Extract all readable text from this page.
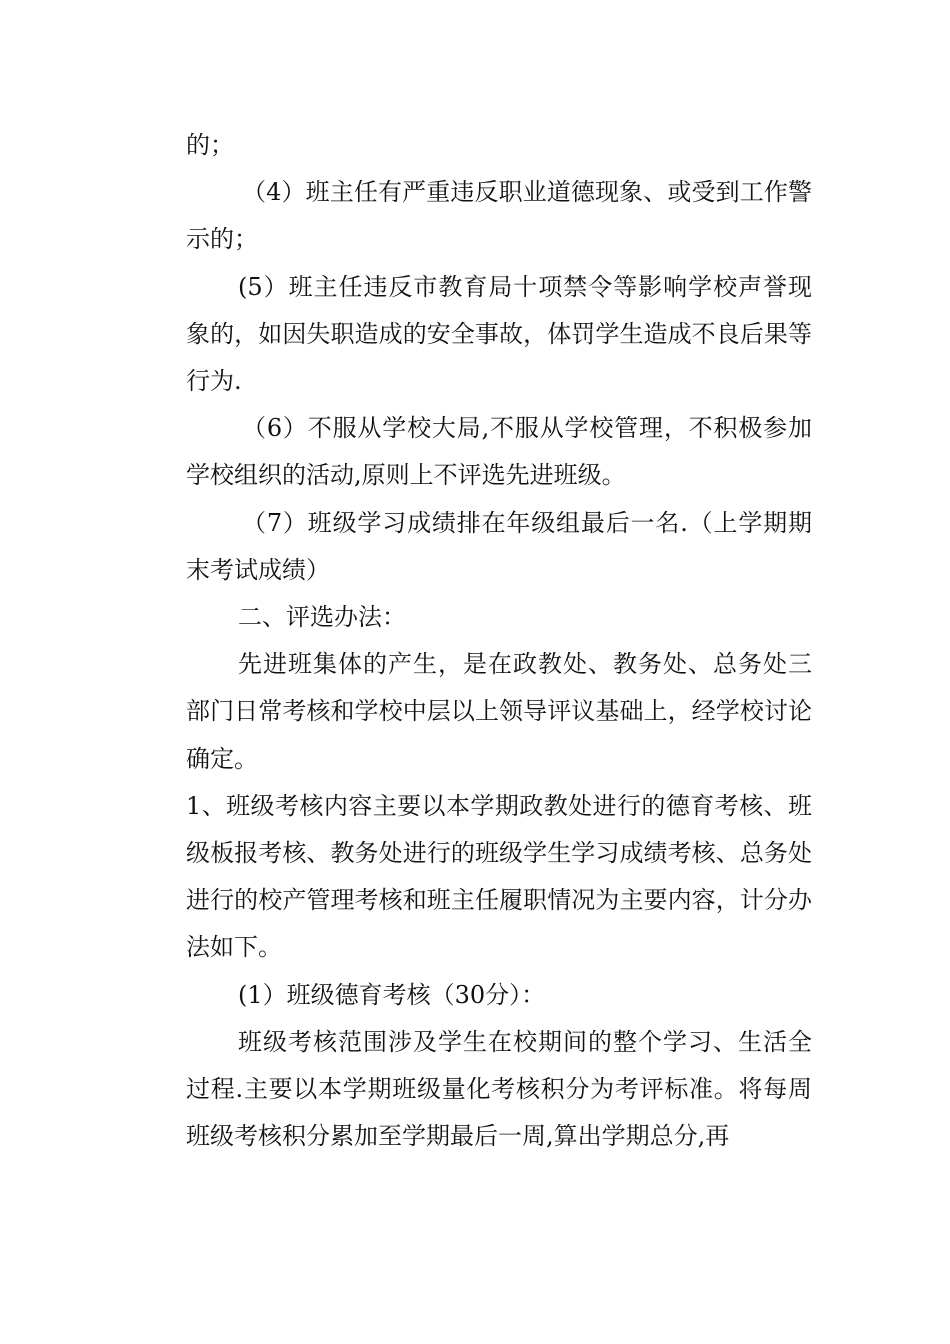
的；

（4）班主任有严重违反职业道德现象、或受到工作警示的；

(5）班主任违反市教育局十项禁令等影响学校声誉现象的，如因失职造成的安全事故，体罚学生造成不良后果等行为.

（6）不服从学校大局,不服从学校管理，不积极参加学校组织的活动,原则上不评选先进班级。

（7）班级学习成绩排在年级组最后一名.（上学期期末考试成绩）

二、评选办法：

先进班集体的产生，是在政教处、教务处、总务处三部门日常考核和学校中层以上领导评议基础上，经学校讨论确定。

1、班级考核内容主要以本学期政教处进行的德育考核、班级板报考核、教务处进行的班级学生学习成绩考核、总务处进行的校产管理考核和班主任履职情况为主要内容，计分办法如下。

(1）班级德育考核（30分）：

班级考核范围涉及学生在校期间的整个学习、生活全过程.主要以本学期班级量化考核积分为考评标准。将每周班级考核积分累加至学期最后一周,算出学期总分,再
